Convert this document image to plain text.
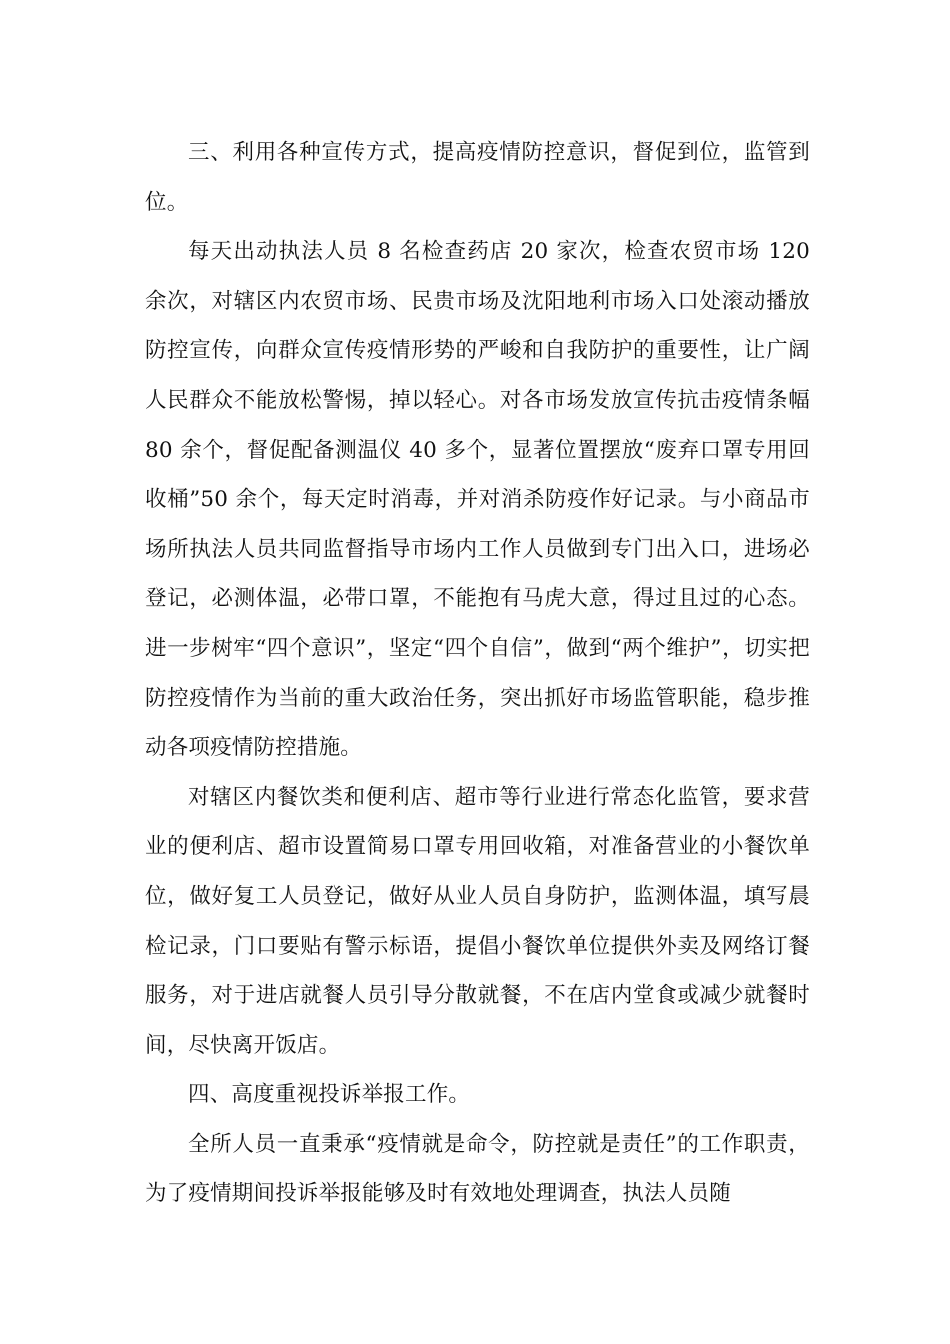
三、利用各种宣传方式，提高疫情防控意识，督促到位，监管到位。

每天出动执法人员 8 名检查药店 20 家次，检查农贸市场 120 余次，对辖区内农贸市场、民贵市场及沈阳地利市场入口处滚动播放防控宣传，向群众宣传疫情形势的严峻和自我防护的重要性，让广阔人民群众不能放松警惕，掉以轻心。对各市场发放宣传抗击疫情条幅 80 余个，督促配备测温仪 40 多个，显著位置摆放“废弃口罩专用回收桶”50 余个，每天定时消毒，并对消杀防疫作好记录。与小商品市场所执法人员共同监督指导市场内工作人员做到专门出入口，进场必登记，必测体温，必带口罩，不能抱有马虎大意，得过且过的心态。进一步树牢“四个意识”，坚定“四个自信”，做到“两个维护”，切实把防控疫情作为当前的重大政治任务，突出抓好市场监管职能，稳步推动各项疫情防控措施。

对辖区内餐饮类和便利店、超市等行业进行常态化监管，要求营业的便利店、超市设置简易口罩专用回收箱，对准备营业的小餐饮单位，做好复工人员登记，做好从业人员自身防护，监测体温，填写晨检记录，门口要贴有警示标语，提倡小餐饮单位提供外卖及网络订餐服务，对于进店就餐人员引导分散就餐，不在店内堂食或减少就餐时间，尽快离开饭店。

四、高度重视投诉举报工作。

全所人员一直秉承“疫情就是命令，防控就是责任”的工作职责，为了疫情期间投诉举报能够及时有效地处理调查，执法人员随
